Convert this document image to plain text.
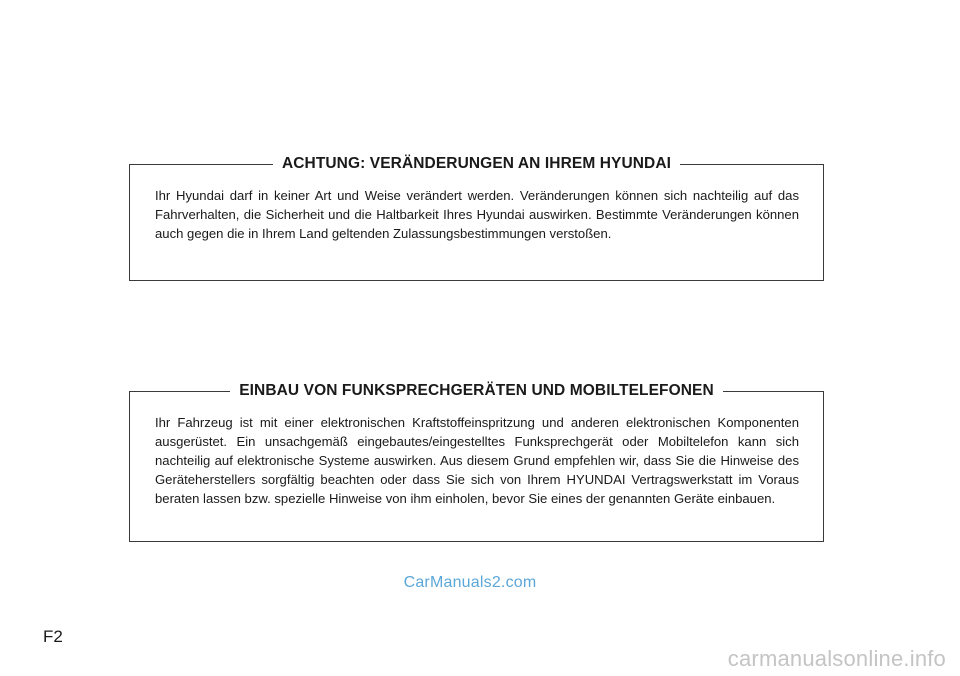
ACHTUNG: VERÄNDERUNGEN AN IHREM HYUNDAI
Ihr Hyundai darf in keiner Art und Weise verändert werden. Veränderungen können sich nachteilig auf das Fahrverhalten, die Sicherheit und die Haltbarkeit Ihres Hyundai auswirken. Bestimmte Veränderungen können auch gegen die in Ihrem Land geltenden Zulassungsbestimmungen verstoßen.
EINBAU VON FUNKSPRECHGERÄTEN UND MOBILTELEFONEN
Ihr Fahrzeug ist mit einer elektronischen Kraftstoffeinspritzung und anderen elektronischen Komponenten ausgerüstet. Ein unsachgemäß eingebautes/eingestelltes Funksprechgerät oder Mobiltelefon kann sich nachteilig auf elektronische Systeme auswirken. Aus diesem Grund empfehlen wir, dass Sie die Hinweise des Geräteherstellers sorgfältig beachten oder dass Sie sich von Ihrem HYUNDAI Vertragswerkstatt im Voraus beraten lassen bzw. spezielle Hinweise von ihm einholen, bevor Sie eines der genannten Geräte einbauen.
CarManuals2.com
F2
carmanualsonline.info
